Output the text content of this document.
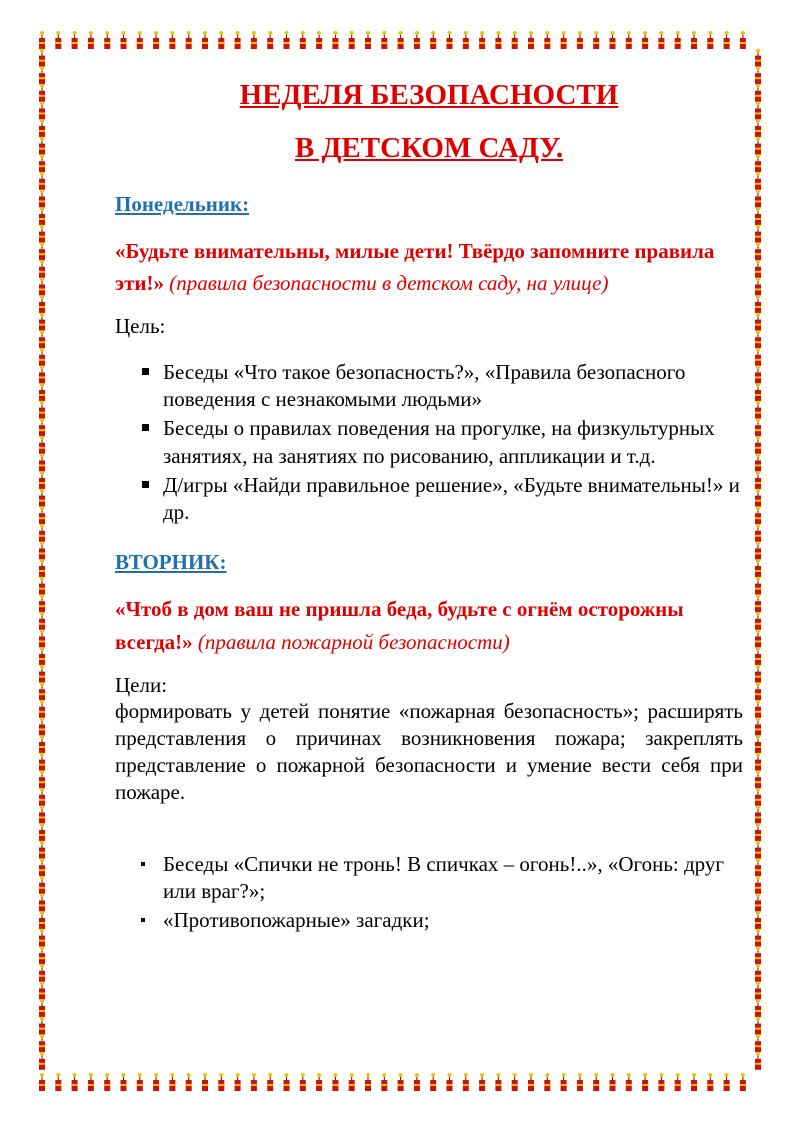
НЕДЕЛЯ БЕЗОПАСНОСТИ
В ДЕТСКОМ САДУ.
Понедельник:
«Будьте внимательны, милые дети! Твёрдо запомните правила эти!» (правила безопасности в детском саду, на улице)
Цель:
Беседы «Что такое безопасность?», «Правила безопасного поведения с незнакомыми людьми»
Беседы о правилах поведения на прогулке, на физкультурных занятиях, на занятиях по рисованию, аппликации и т.д.
Д/игры «Найди правильное решение», «Будьте внимательны!» и др.
ВТОРНИК:
«Чтоб в дом ваш не пришла беда, будьте с огнём осторожны всегда!» (правила пожарной безопасности)
Цели:
формировать у детей понятие «пожарная безопасность»; расширять представления о причинах возникновения пожара; закреплять представление о пожарной безопасности и умение вести себя при пожаре.
Беседы «Спички не тронь! В спичках – огонь!..», «Огонь: друг или враг?»;
«Противопожарные» загадки;
